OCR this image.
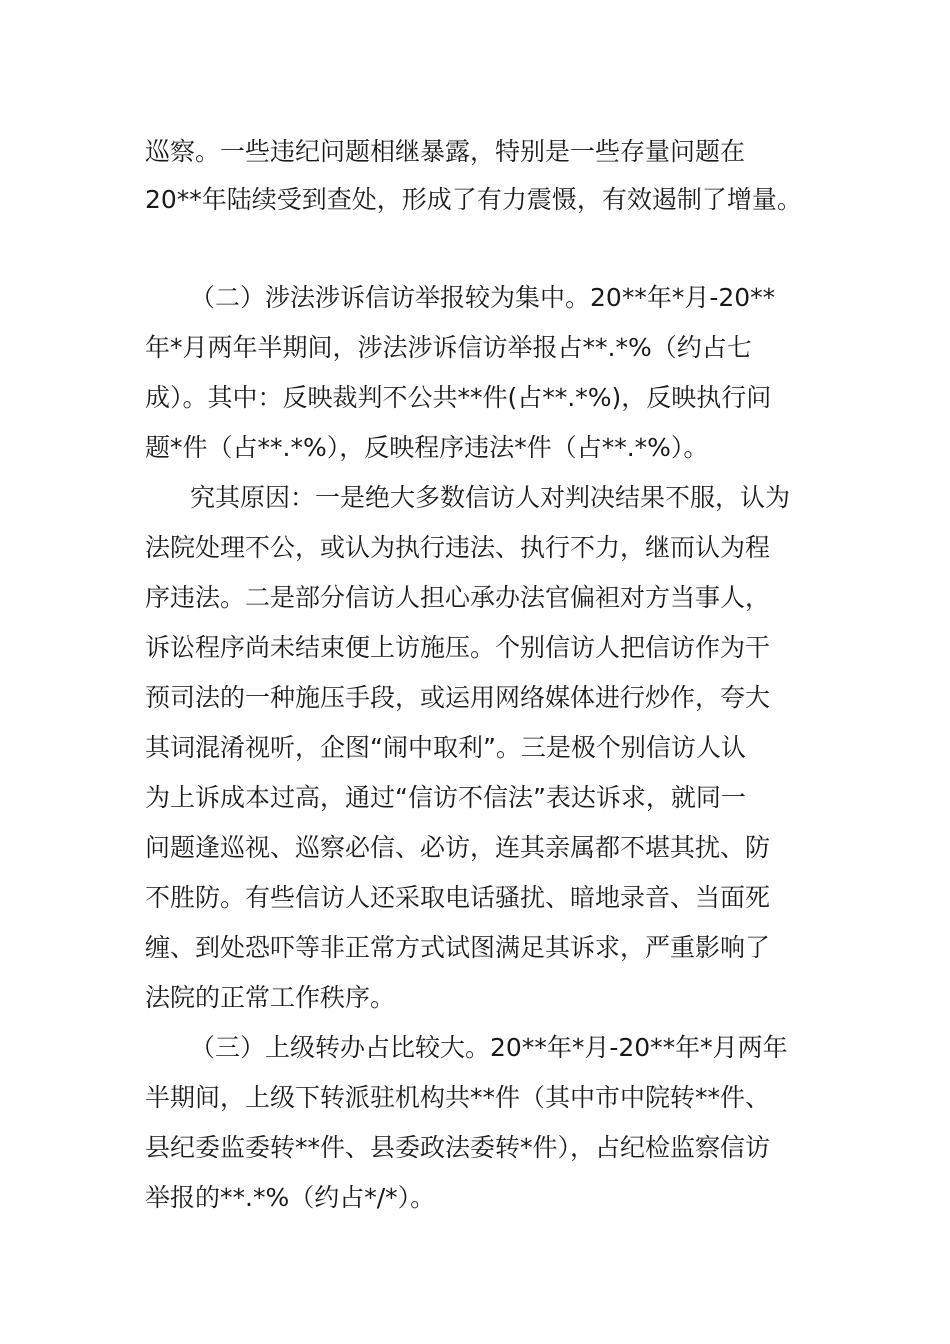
巡察。一些违纪问题相继暴露，特别是一些存量问题在
20**年陆续受到查处，形成了有力震慑，有效遏制了增量。
（二）涉法涉诉信访举报较为集中。20**年*月-20**
年*月两年半期间，涉法涉诉信访举报占**.*%（约占七
成）。其中：反映裁判不公共**件(占**.*%)，反映执行问
题*件（占**.*%），反映程序违法*件（占**.*%）。
究其原因：一是绝大多数信访人对判决结果不服，认为
法院处理不公，或认为执行违法、执行不力，继而认为程
序违法。二是部分信访人担心承办法官偏袒对方当事人，
诉讼程序尚未结束便上访施压。个别信访人把信访作为干
预司法的一种施压手段，或运用网络媒体进行炒作，夸大
其词混淆视听，企图“闹中取利”。三是极个别信访人认
为上诉成本过高，通过“信访不信法”表达诉求，就同一
问题逢巡视、巡察必信、必访，连其亲属都不堪其扰、防
不胜防。有些信访人还采取电话骚扰、暗地录音、当面死
缠、到处恐吓等非正常方式试图满足其诉求，严重影响了
法院的正常工作秩序。
（三）上级转办占比较大。20**年*月-20**年*月两年
半期间，上级下转派驻机构共**件（其中市中院转**件、
县纪委监委转**件、县委政法委转*件），占纪检监察信访
举报的**.*%（约占*/*）。
